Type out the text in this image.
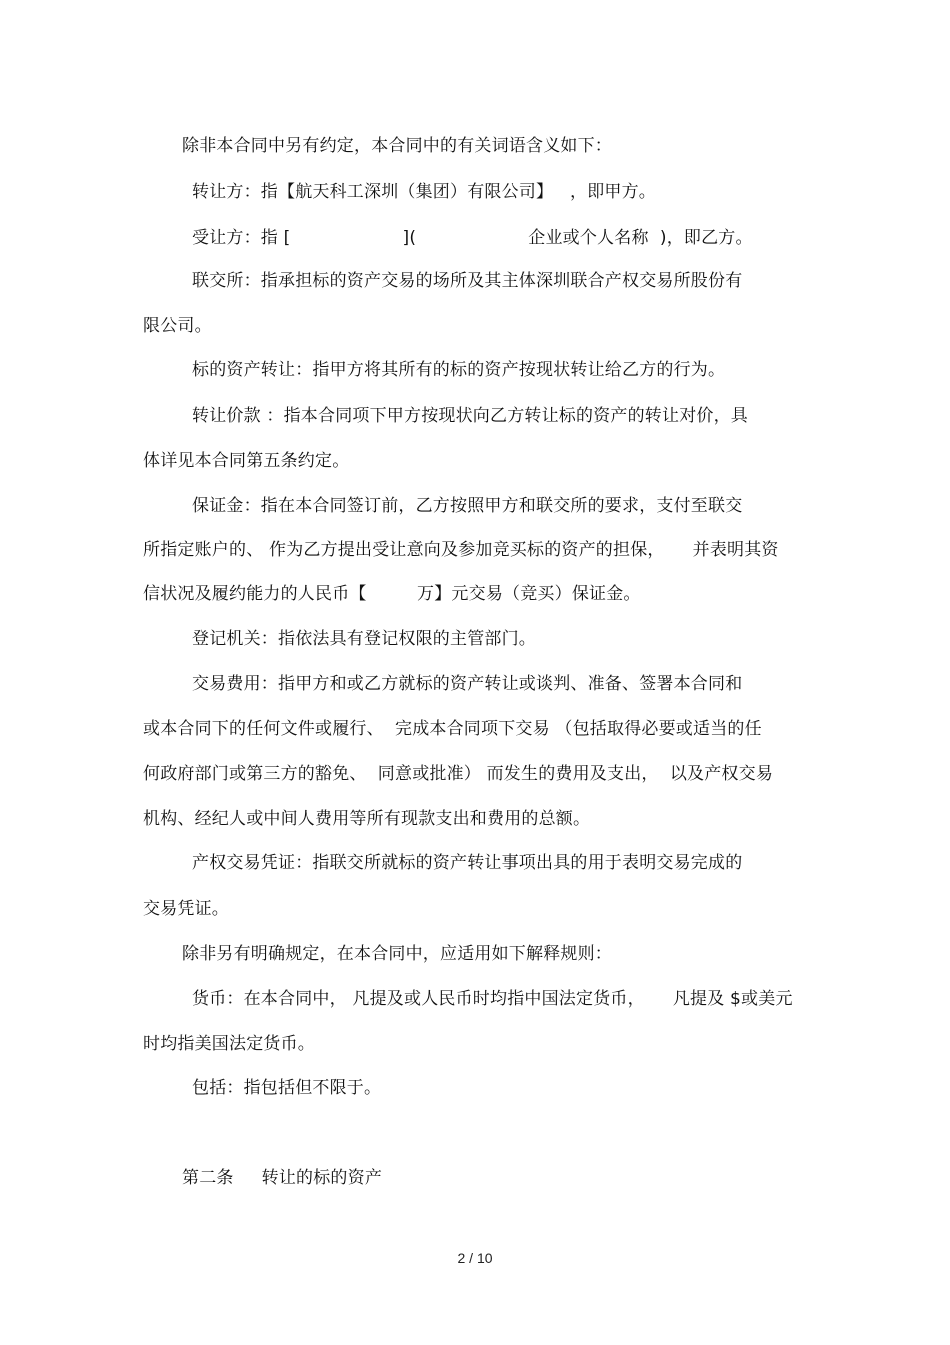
除非本合同中另有约定，本合同中的有关词语含义如下：
转让方：指【航天科工深圳（集团）有限公司】   ，即甲方。
受让方：指 [                    ](                    企业或个人名称  )，即乙方。
联交所：指承担标的资产交易的场所及其主体深圳联合产权交易所股份有
限公司。
标的资产转让：指甲方将其所有的标的资产按现状转让给乙方的行为。
转让价款 ：指本合同项下甲方按现状向乙方转让标的资产的转让对价，具
体详见本合同第五条约定。
保证金：指在本合同签订前，乙方按照甲方和联交所的要求，支付至联交
所指定账户的、 作为乙方提出受让意向及参加竞买标的资产的担保，     并表明其资
信状况及履约能力的人民币【         万】元交易（竞买）保证金。
登记机关：指依法具有登记权限的主管部门。
交易费用：指甲方和或乙方就标的资产转让或谈判、准备、签署本合同和
或本合同下的任何文件或履行、  完成本合同项下交易 （包括取得必要或适当的任
何政府部门或第三方的豁免、  同意或批准） 而发生的费用及支出，  以及产权交易
机构、经纪人或中间人费用等所有现款支出和费用的总额。
产权交易凭证：指联交所就标的资产转让事项出具的用于表明交易完成的
交易凭证。
除非另有明确规定，在本合同中，应适用如下解释规则：
货币：在本合同中， 凡提及或人民币时均指中国法定货币，     凡提及 $或美元
时均指美国法定货币。
包括：指包括但不限于。
第二条     转让的标的资产
2 / 10
